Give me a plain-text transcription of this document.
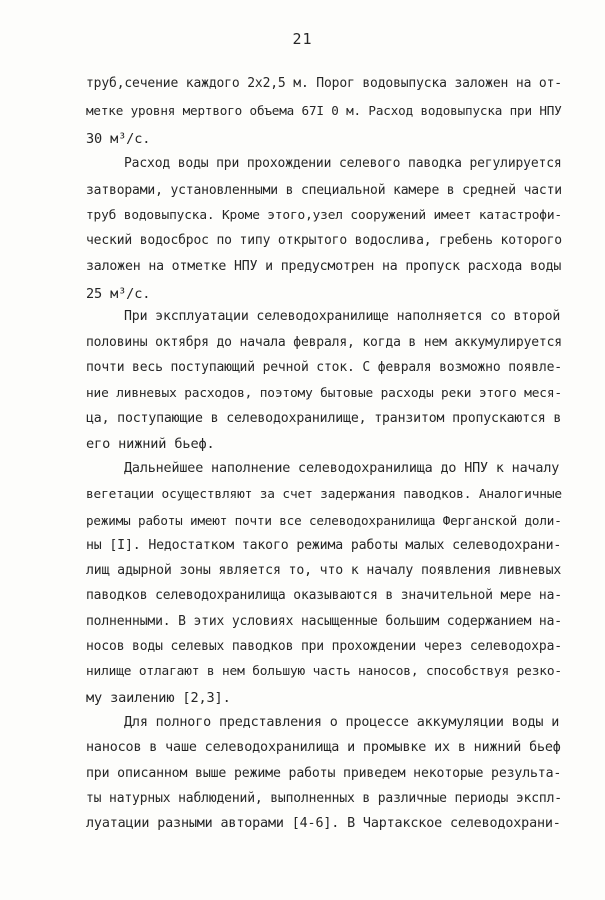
21
труб,сечение каждого 2х2,5 м. Порог водовыпуска заложен на от-
метке уровня мертвого объема 67I 0 м. Расход водовыпуска при НПУ
30 м³/с.
Расход воды при прохождении селевого паводка регулируется
затворами, установленными в специальной камере в средней части
труб водовыпуска. Кроме этого,узел сооружений имеет катастрофи-
ческий водосброс по типу открытого водослива, гребень которого
заложен на отметке НПУ и предусмотрен на пропуск расхода воды
25 м³/с.
При эксплуатации селеводохранилище наполняется со второй
половины октября до начала февраля, когда в нем аккумулируется
почти весь поступающий речной сток. С февраля возможно появле-
ние ливневых расходов, поэтому бытовые расходы реки этого меся-
ца, поступающие в селеводохранилище, транзитом пропускаются в
его нижний бьеф.
Дальнейшее наполнение селеводохранилища до НПУ к началу
вегетации осуществляют за счет задержания паводков. Аналогичные
режимы работы имеют почти все селеводохранилища Ферганской доли-
ны [I]. Недостатком такого режима работы малых селеводохрани-
лищ адырной зоны является то, что к началу появления ливневых
паводков селеводохранилища оказываются в значительной мере на-
полненными. В этих условиях насыщенные большим содержанием на-
носов воды селевых паводков при прохождении через селеводохра-
нилище отлагают в нем большую часть наносов, способствуя резко-
му заилению [2,3].
Для полного представления о процессе аккумуляции воды и
наносов в чаше селеводохранилища и промывке их в нижний бьеф
при описанном выше режиме работы приведем некоторые результа-
ты натурных наблюдений, выполненных в различные периоды экспл-
луатации разными авторами [4-6]. В Чартакское селеводохрани-
